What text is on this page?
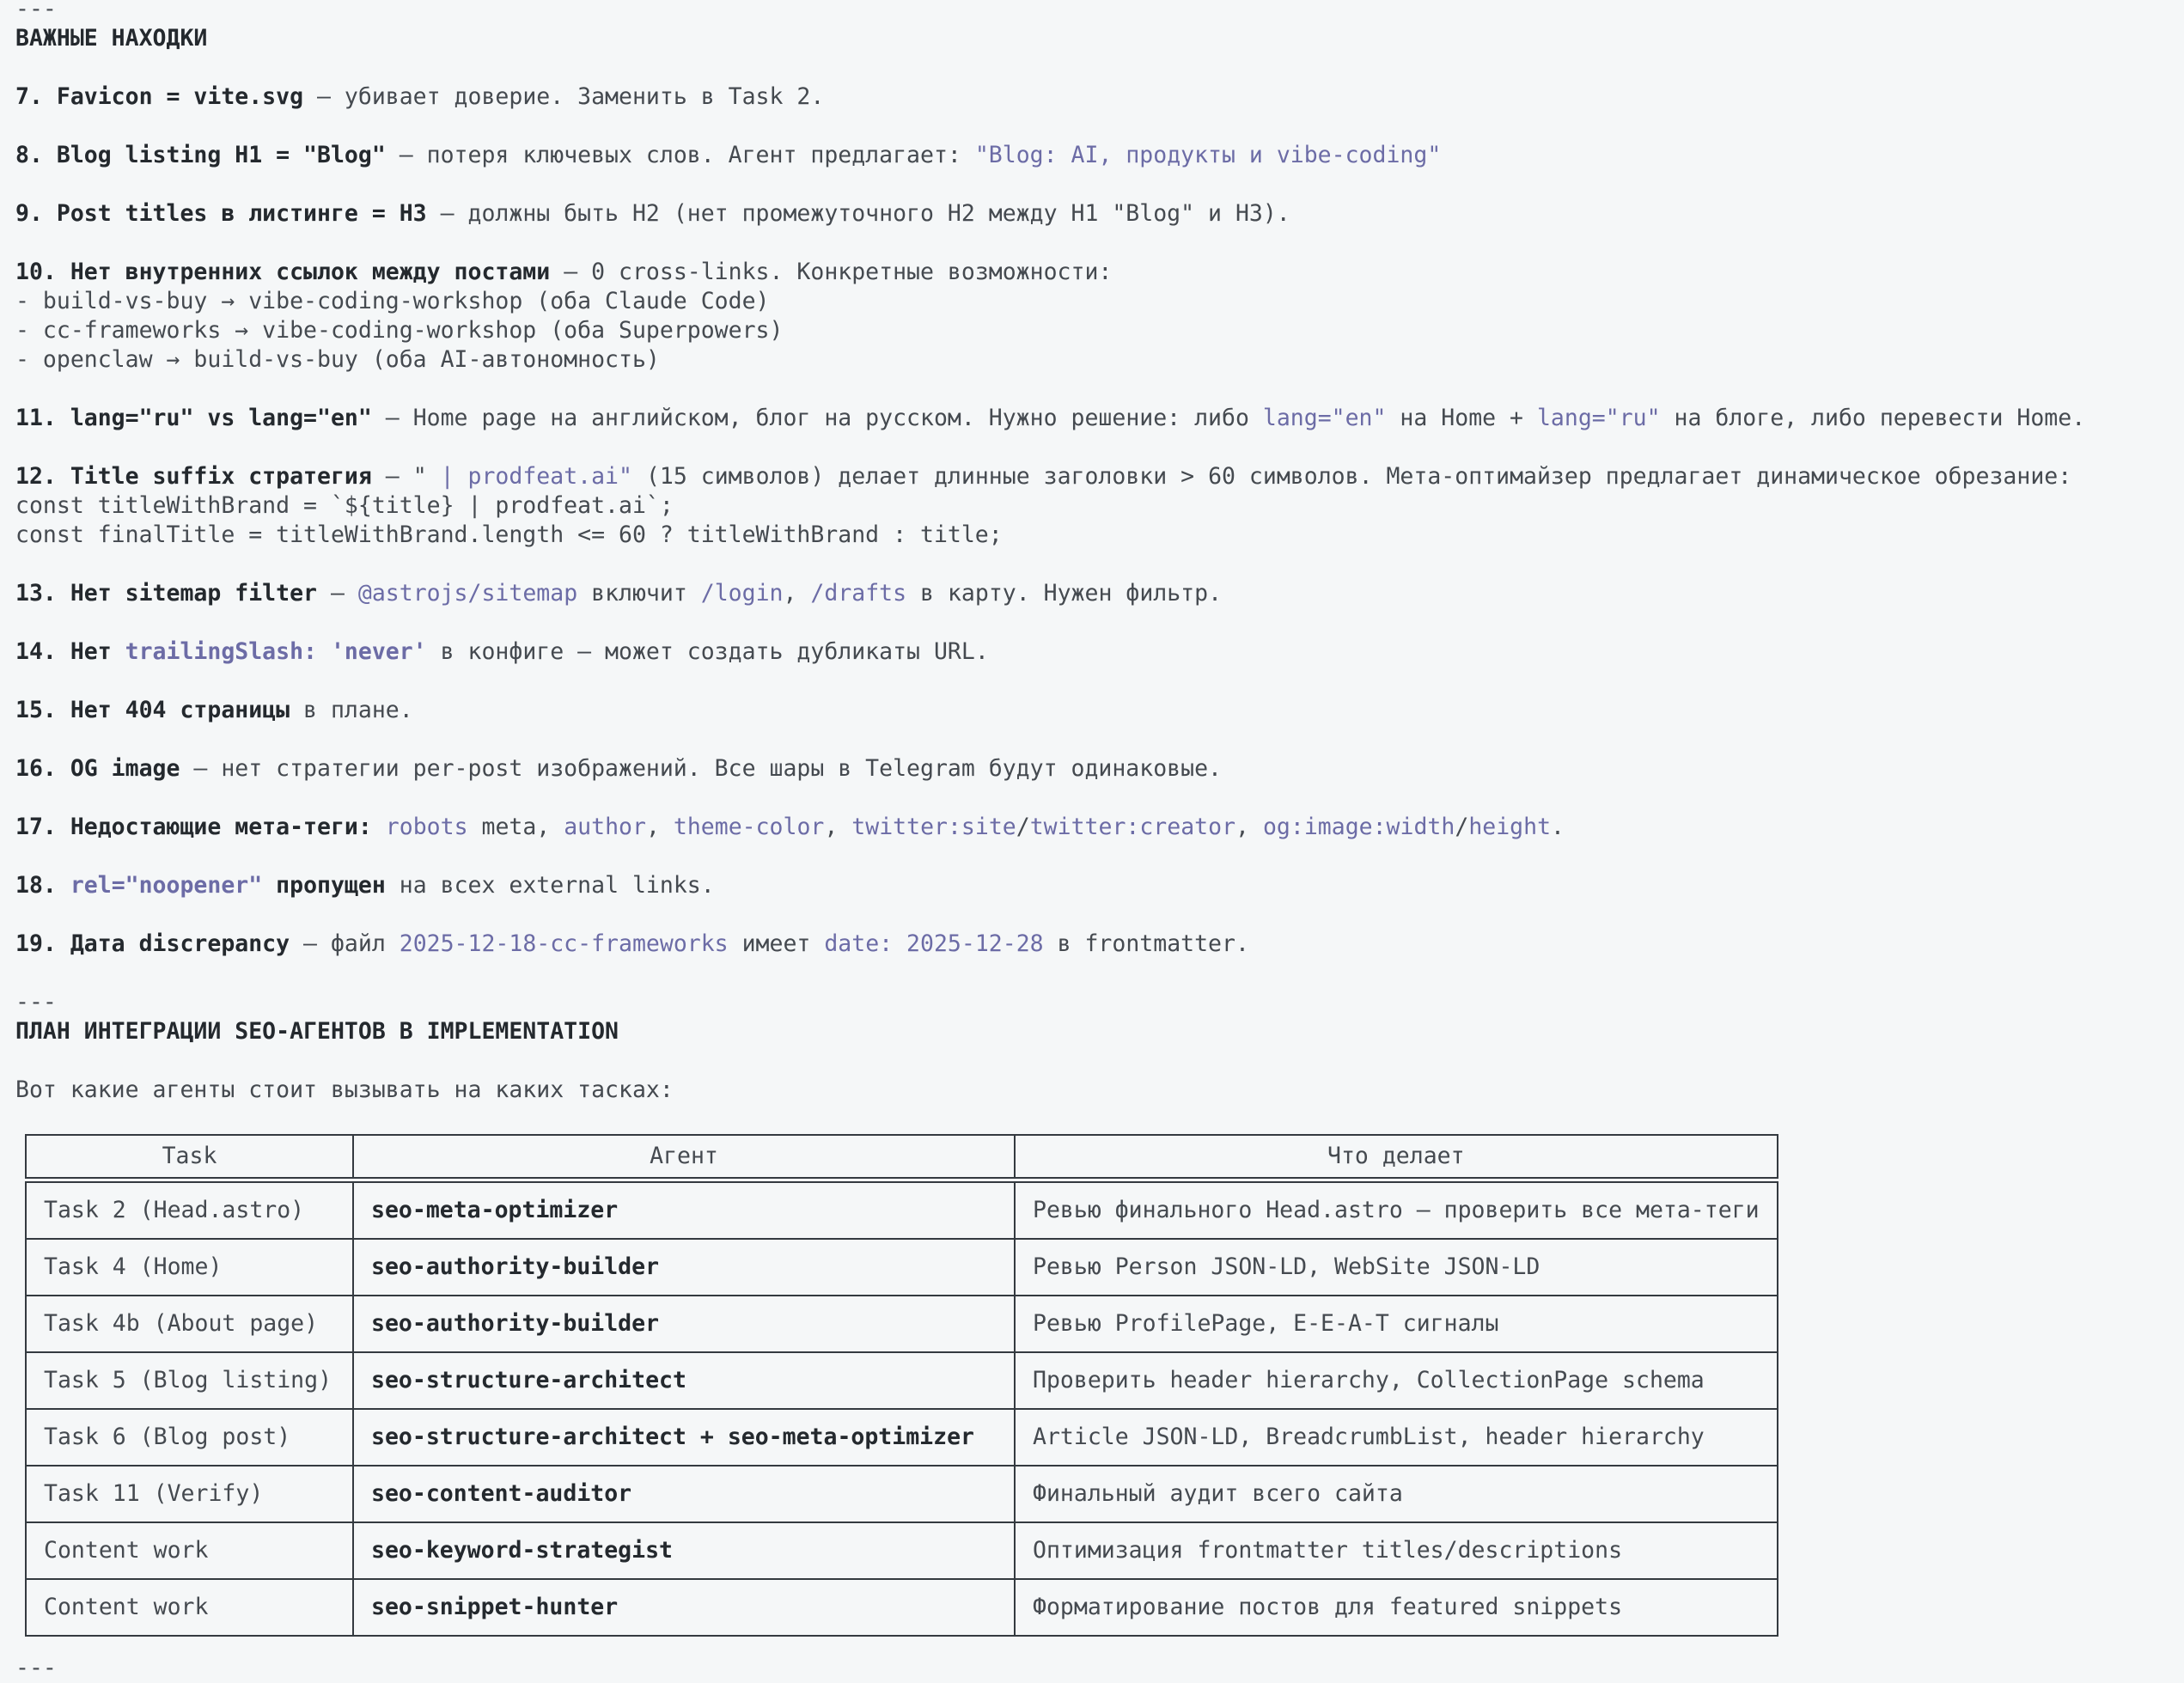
---
ВАЖНЫЕ НАХОДКИ
7. Favicon = vite.svg — убивает доверие. Заменить в Task 2.
8. Blog listing H1 = "Blog" — потеря ключевых слов. Агент предлагает: "Blog: AI, продукты и vibe-coding"
9. Post titles в листинге = H3 — должны быть H2 (нет промежуточного H2 между H1 "Blog" и H3).
10. Нет внутренних ссылок между постами — 0 cross-links. Конкретные возможности:
- build-vs-buy → vibe-coding-workshop (оба Claude Code)
- cc-frameworks → vibe-coding-workshop (оба Superpowers)
- openclaw → build-vs-buy (оба AI-автономность)
11. lang="ru" vs lang="en" — Home page на английском, блог на русском. Нужно решение: либо lang="en" на Home + lang="ru" на блоге, либо перевести Home.
12. Title suffix стратегия — " | prodfeat.ai" (15 символов) делает длинные заголовки > 60 символов. Мета-оптимайзер предлагает динамическое обрезание:
const titleWithBrand = `${title} | prodfeat.ai`;
const finalTitle = titleWithBrand.length <= 60 ? titleWithBrand : title;
13. Нет sitemap filter — @astrojs/sitemap включит /login, /drafts в карту. Нужен фильтр.
14. Нет trailingSlash: 'never' в конфиге — может создать дубликаты URL.
15. Нет 404 страницы в плане.
16. OG image — нет стратегии per-post изображений. Все шары в Telegram будут одинаковые.
17. Недостающие мета-теги: robots meta, author, theme-color, twitter:site/twitter:creator, og:image:width/height.
18. rel="noopener" пропущен на всех external links.
19. Дата discrepancy — файл 2025-12-18-cc-frameworks имеет date: 2025-12-28 в frontmatter.
---
ПЛАН ИНТЕГРАЦИИ SEO-АГЕНТОВ В IMPLEMENTATION
Вот какие агенты стоит вызывать на каких тасках:
Task	Агент	Что делает
Task 2 (Head.astro)	seo-meta-optimizer	Ревью финального Head.astro — проверить все мета-теги
Task 4 (Home)	seo-authority-builder	Ревью Person JSON-LD, WebSite JSON-LD
Task 4b (About page)	seo-authority-builder	Ревью ProfilePage, E-E-A-T сигналы
Task 5 (Blog listing)	seo-structure-architect	Проверить header hierarchy, CollectionPage schema
Task 6 (Blog post)	seo-structure-architect + seo-meta-optimizer	Article JSON-LD, BreadcrumbList, header hierarchy
Task 11 (Verify)	seo-content-auditor	Финальный аудит всего сайта
Content work	seo-keyword-strategist	Оптимизация frontmatter titles/descriptions
Content work	seo-snippet-hunter	Форматирование постов для featured snippets
---
